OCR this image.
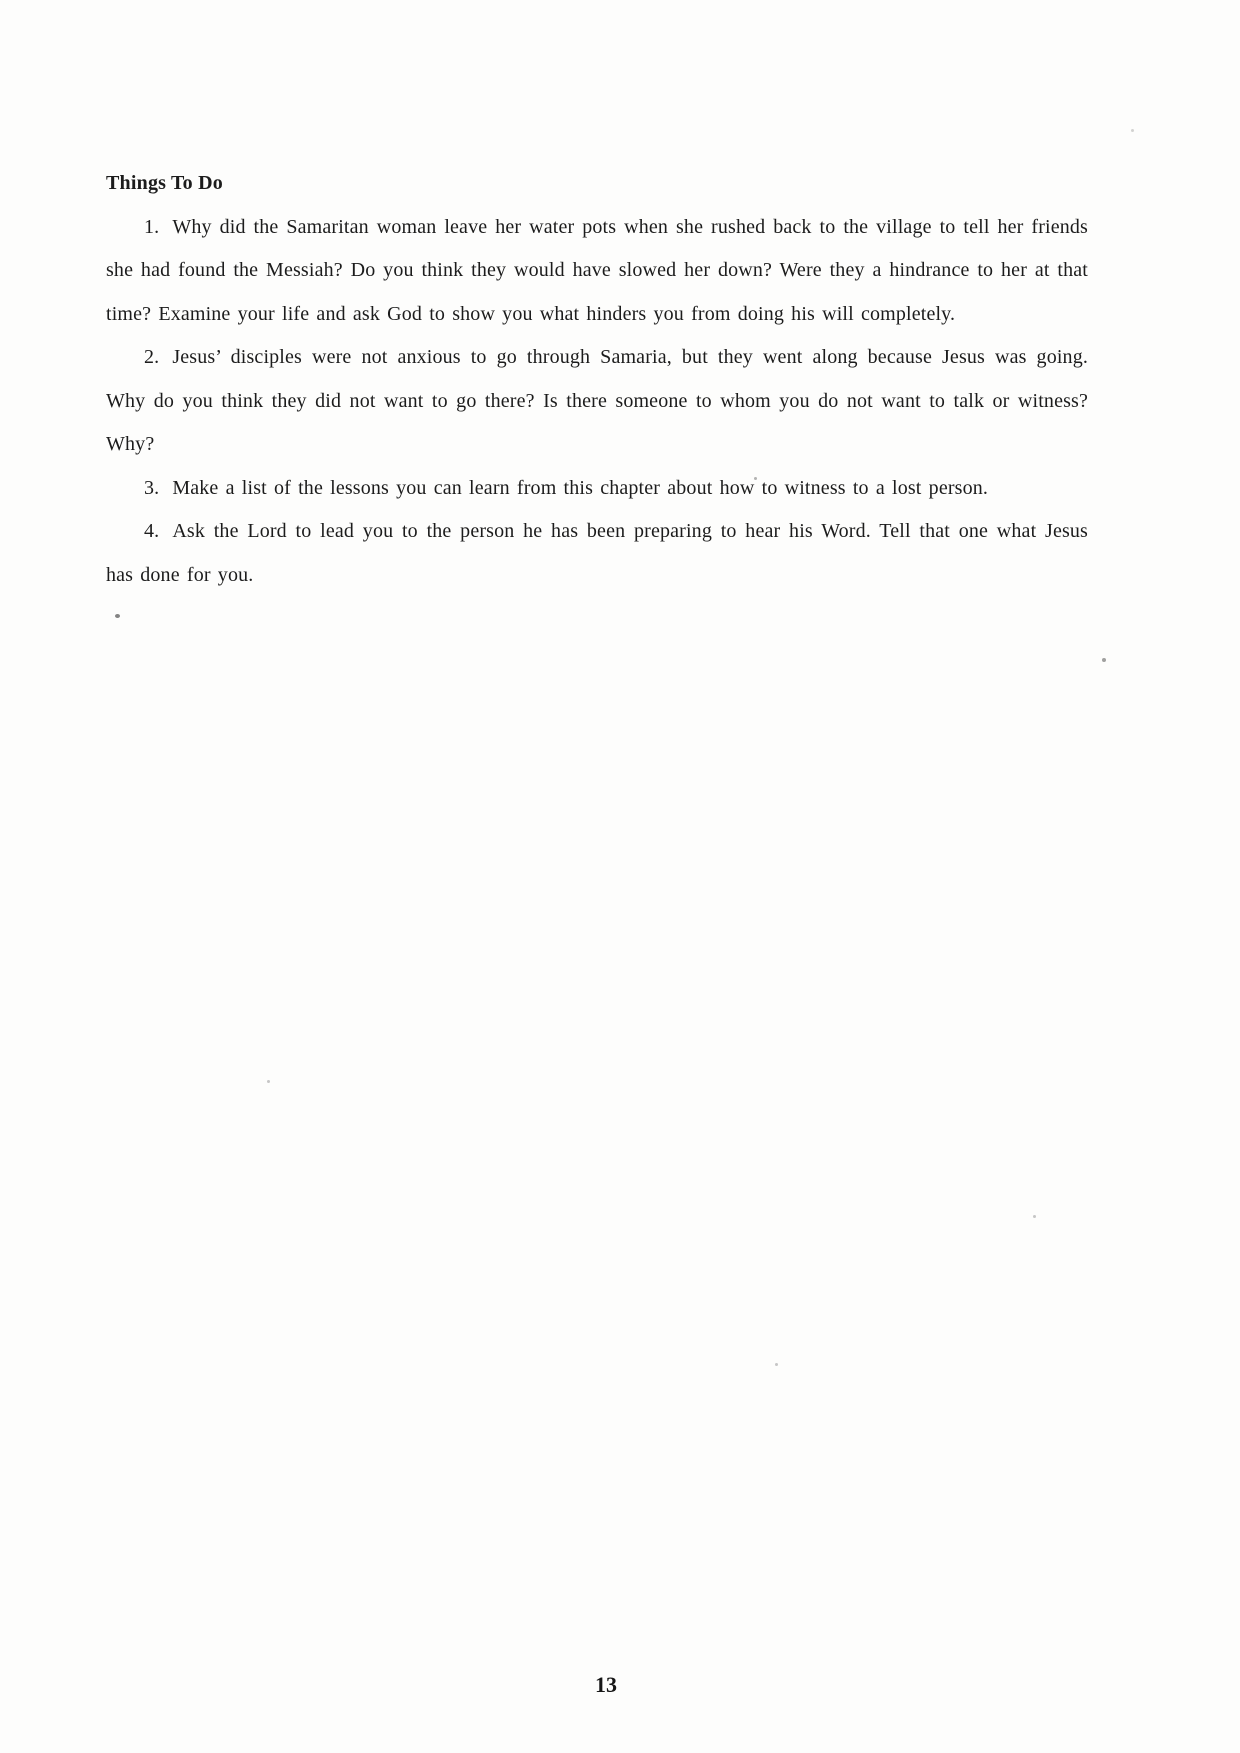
Things To Do

1. Why did the Samaritan woman leave her water pots when she rushed back to the village to tell her friends she had found the Messiah? Do you think they would have slowed her down? Were they a hindrance to her at that time? Examine your life and ask God to show you what hinders you from doing his will completely.

2. Jesus’ disciples were not anxious to go through Samaria, but they went along because Jesus was going. Why do you think they did not want to go there? Is there someone to whom you do not want to talk or witness? Why?

3. Make a list of the lessons you can learn from this chapter about how to witness to a lost person.

4. Ask the Lord to lead you to the person he has been preparing to hear his Word. Tell that one what Jesus has done for you.

13
